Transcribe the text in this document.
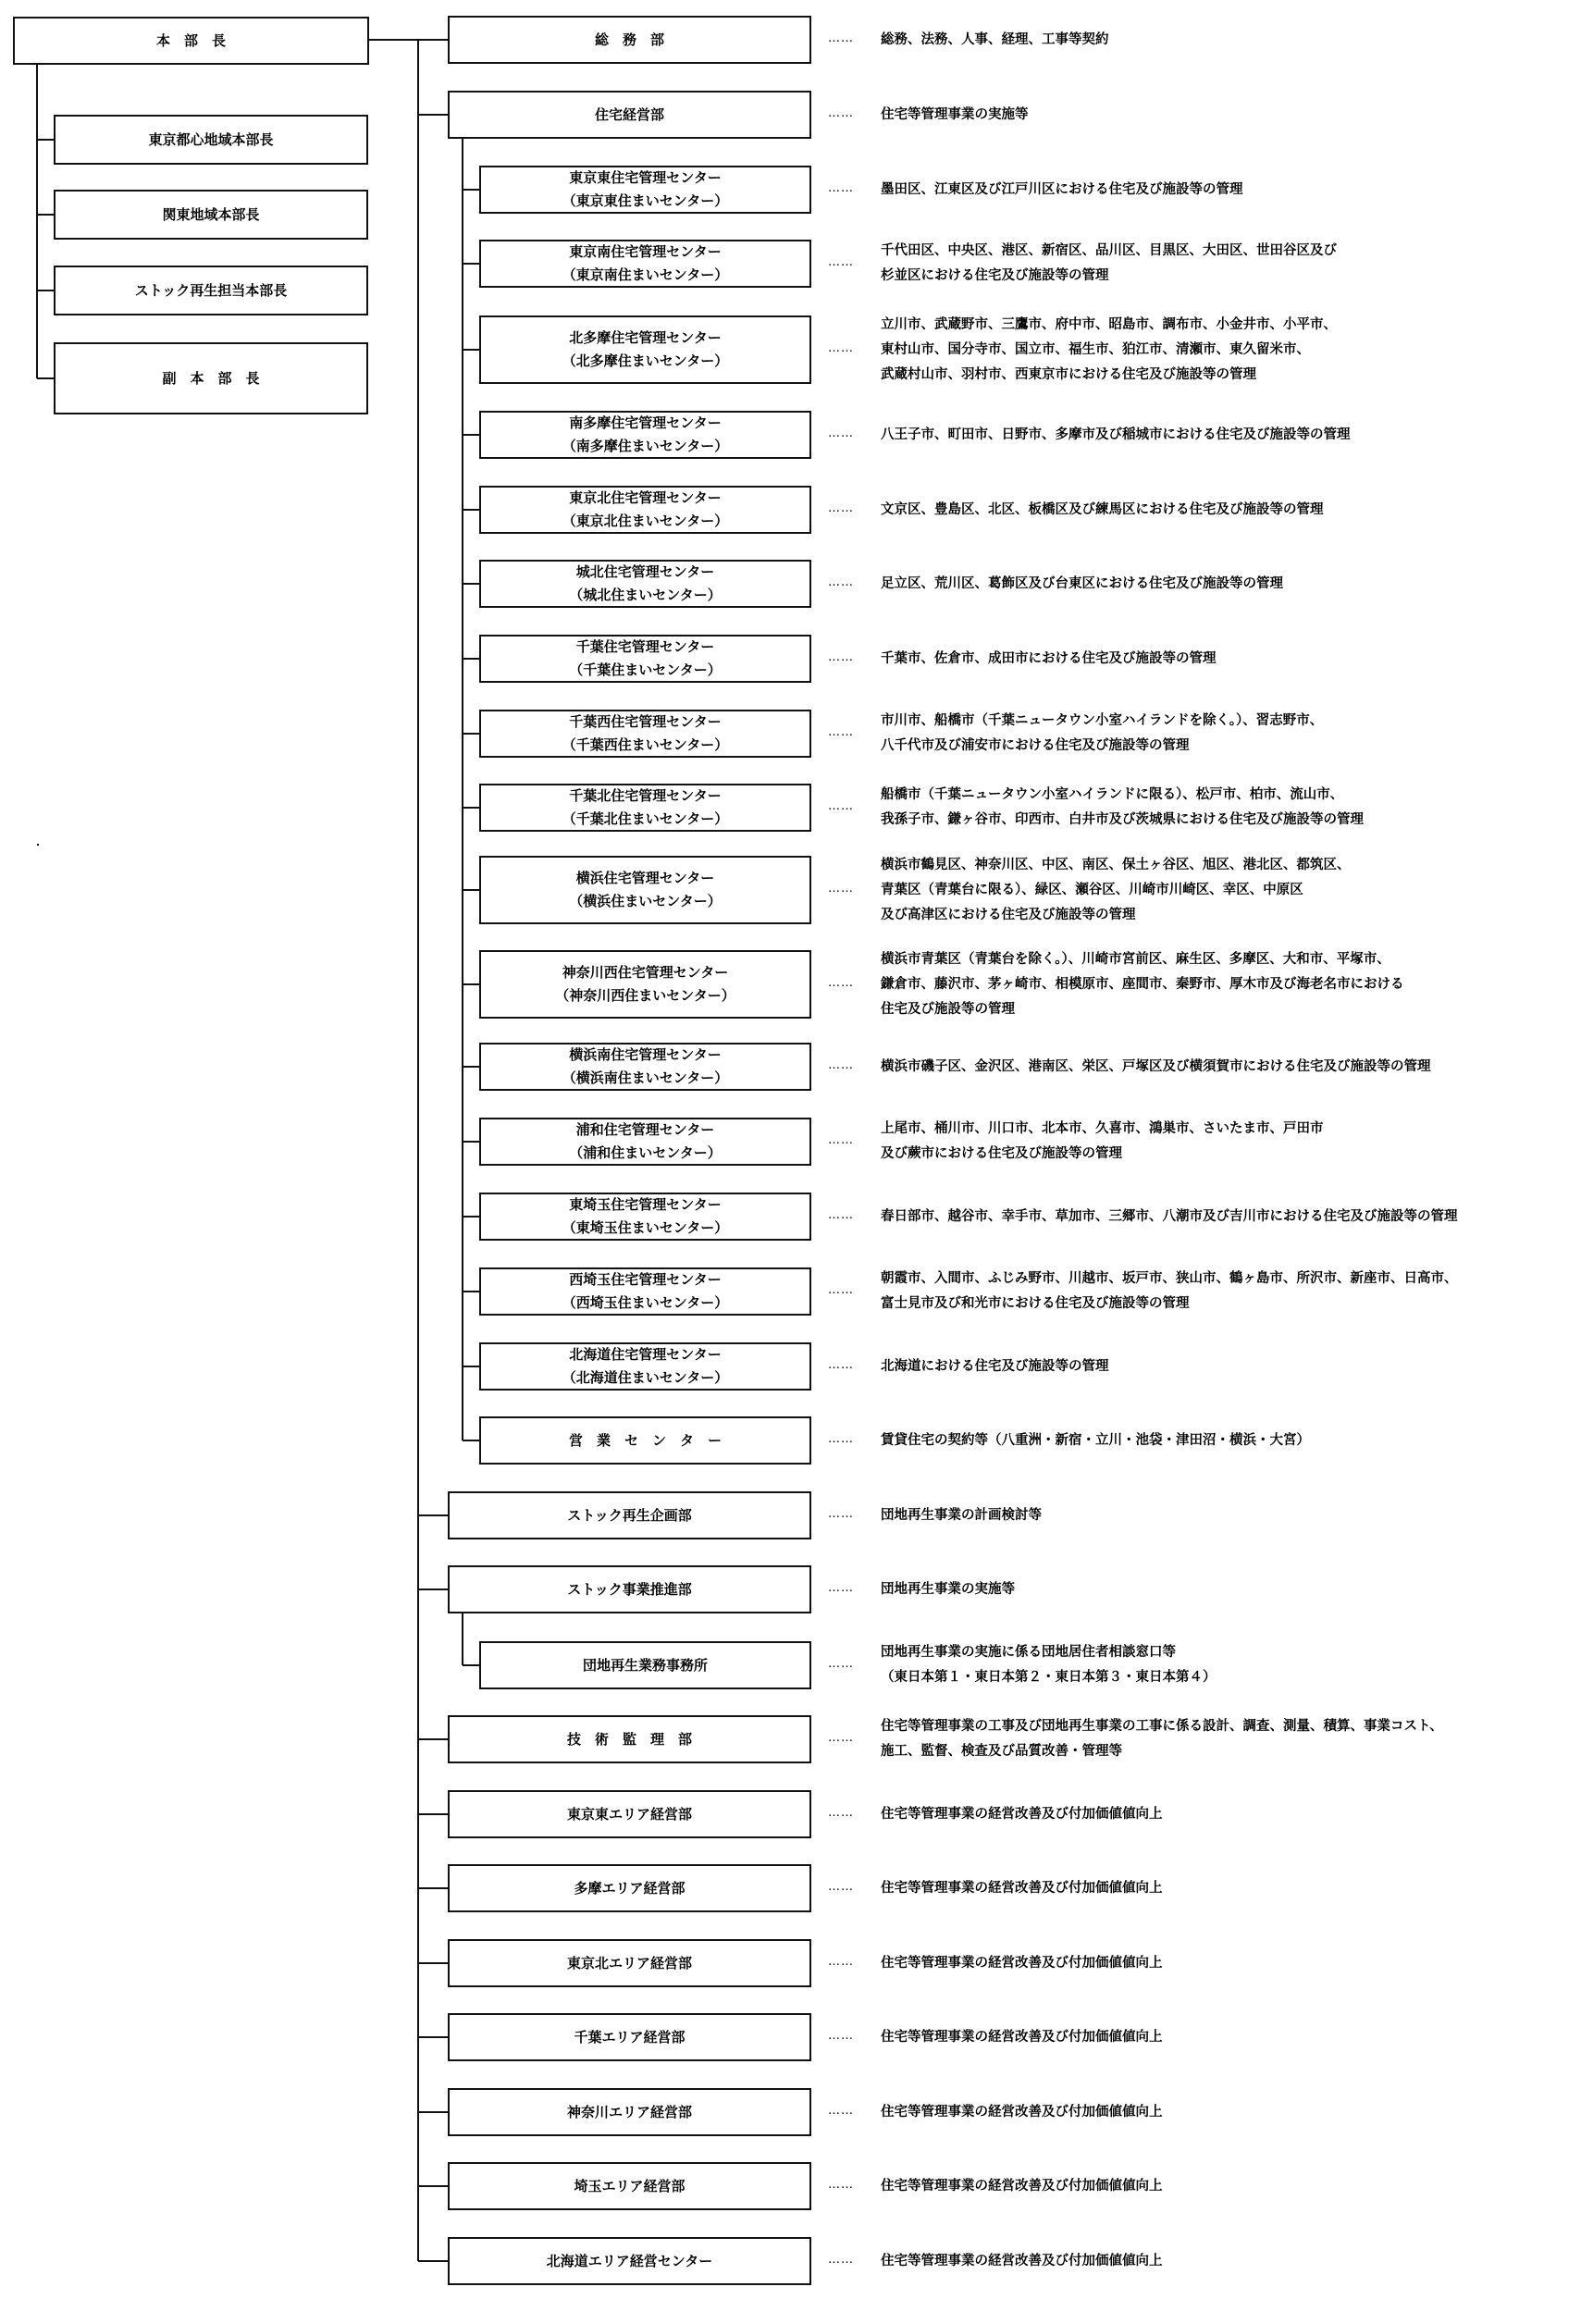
本　部　長
東京都心地域本部長
関東地域本部長
ストック再生担当本部長
副　本　部　長
総　務　部	…… 総務、法務、人事、経理、工事等契約
住宅経営部	…… 住宅等管理事業の実施等
東京東住宅管理センター
（東京東住まいセンター）
…… 墨田区、江東区及び江戸川区における住宅及び施設等の管理
東京南住宅管理センター
（東京南住まいセンター）
……
千代田区、中央区、港区、新宿区、品川区、目黒区、大田区、世田谷区及び
杉並区における住宅及び施設等の管理
北多摩住宅管理センター
（北多摩住まいセンター）
……
立川市、武蔵野市、三鷹市、府中市、昭島市、調布市、小金井市、小平市、
東村山市、国分寺市、国立市、福生市、狛江市、清瀬市、東久留米市、
武蔵村山市、羽村市、西東京市における住宅及び施設等の管理
南多摩住宅管理センター
（南多摩住まいセンター）
…… 八王子市、町田市、日野市、多摩市及び稲城市における住宅及び施設等の管理
東京北住宅管理センター
（東京北住まいセンター）
…… 文京区、豊島区、北区、板橋区及び練馬区における住宅及び施設等の管理
城北住宅管理センター
（城北住まいセンター）
…… 足立区、荒川区、葛飾区及び台東区における住宅及び施設等の管理
千葉住宅管理センター
（千葉住まいセンター）
…… 千葉市、佐倉市、成田市における住宅及び施設等の管理
千葉西住宅管理センター
（千葉西住まいセンター）
……
市川市、船橋市（千葉ニュータウン小室ハイランドを除く。）、習志野市、
八千代市及び浦安市における住宅及び施設等の管理
千葉北住宅管理センター
（千葉北住まいセンター）
……
船橋市（千葉ニュータウン小室ハイランドに限る）、松戸市、柏市、流山市、
我孫子市、鎌ヶ谷市、印西市、白井市及び茨城県における住宅及び施設等の管理
横浜住宅管理センター
（横浜住まいセンター）
……
横浜市鶴見区、神奈川区、中区、南区、保土ヶ谷区、旭区、港北区、都筑区、
青葉区（青葉台に限る）、緑区、瀬谷区、川崎市川崎区、幸区、中原区
及び高津区における住宅及び施設等の管理
神奈川西住宅管理センター
（神奈川西住まいセンター）
……
横浜市青葉区（青葉台を除く。）、川崎市宮前区、麻生区、多摩区、大和市、平塚市、
鎌倉市、藤沢市、茅ヶ崎市、相模原市、座間市、秦野市、厚木市及び海老名市における
住宅及び施設等の管理
横浜南住宅管理センター
（横浜南住まいセンター）
…… 横浜市磯子区、金沢区、港南区、栄区、戸塚区及び横須賀市における住宅及び施設等の管理
浦和住宅管理センター
（浦和住まいセンター）
……
上尾市、桶川市、川口市、北本市、久喜市、鴻巣市、さいたま市、戸田市
及び蕨市における住宅及び施設等の管理
東埼玉住宅管理センター
（東埼玉住まいセンター）
…… 春日部市、越谷市、幸手市、草加市、三郷市、八潮市及び吉川市における住宅及び施設等の管理
西埼玉住宅管理センター
（西埼玉住まいセンター）
……
朝霞市、入間市、ふじみ野市、川越市、坂戸市、狭山市、鶴ヶ島市、所沢市、新座市、日高市、
富士見市及び和光市における住宅及び施設等の管理
北海道住宅管理センター
（北海道住まいセンター）
…… 北海道における住宅及び施設等の管理
営　業　セ　ン　タ　ー	…… 賃貸住宅の契約等（八重洲・新宿・立川・池袋・津田沼・横浜・大宮）
ストック再生企画部	…… 団地再生事業の計画検討等
ストック事業推進部	…… 団地再生事業の実施等
団地再生業務事務所	……
団地再生事業の実施に係る団地居住者相談窓口等
（東日本第１・東日本第２・東日本第３・東日本第４）
技　術　監　理　部	……
住宅等管理事業の工事及び団地再生事業の工事に係る設計、調査、測量、積算、事業コスト、
施工、監督、検査及び品質改善・管理等
東京東エリア経営部	…… 住宅等管理事業の経営改善及び付加価値値向上
多摩エリア経営部	…… 住宅等管理事業の経営改善及び付加価値値向上
東京北エリア経営部	…… 住宅等管理事業の経営改善及び付加価値値向上
千葉エリア経営部	…… 住宅等管理事業の経営改善及び付加価値値向上
神奈川エリア経営部	…… 住宅等管理事業の経営改善及び付加価値値向上
埼玉エリア経営部	…… 住宅等管理事業の経営改善及び付加価値値向上
北海道エリア経営センター	…… 住宅等管理事業の経営改善及び付加価値値向上
